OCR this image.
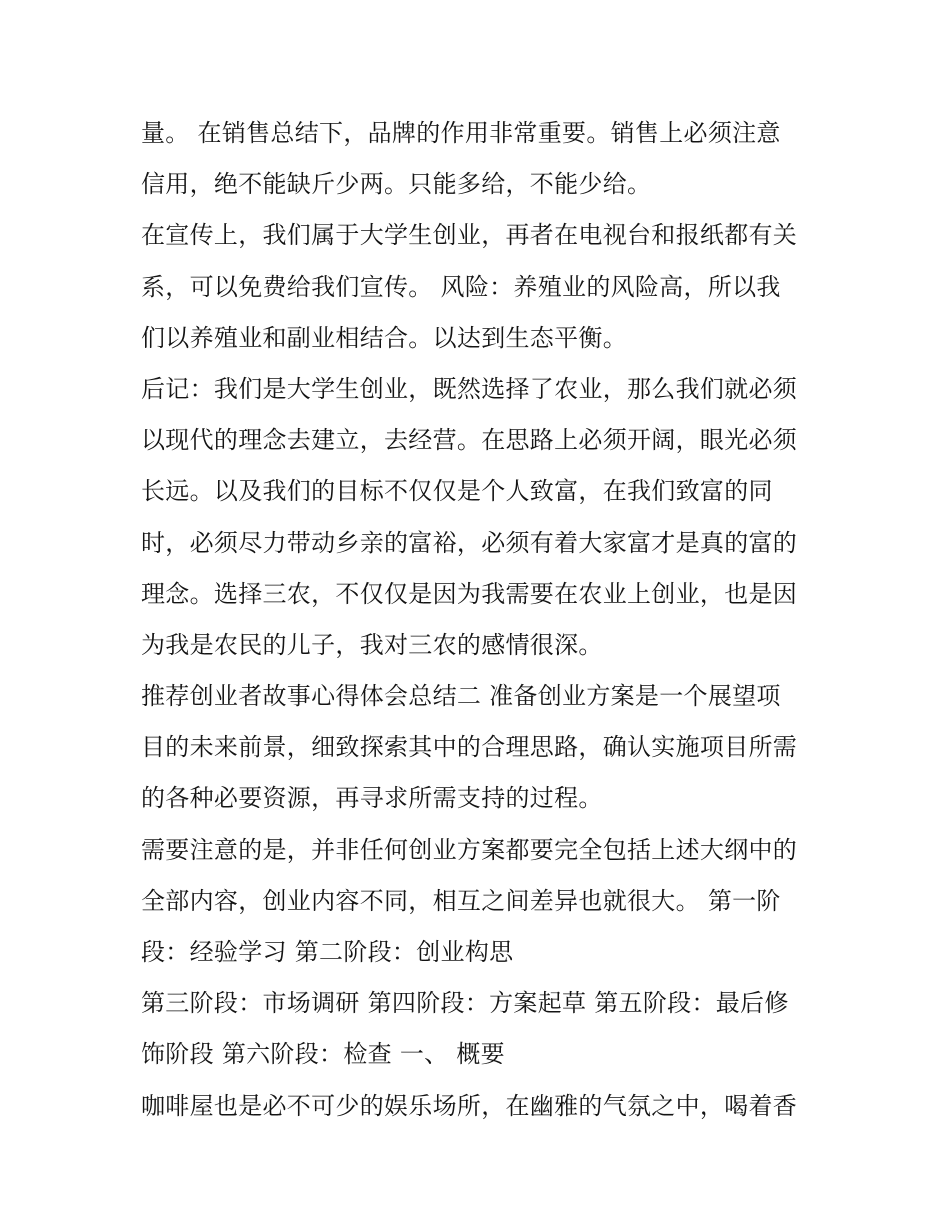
量。 在销售总结下，品牌的作用非常重要。销售上必须注意
信用，绝不能缺斤少两。只能多给，不能少给。
在宣传上，我们属于大学生创业，再者在电视台和报纸都有关
系，可以免费给我们宣传。 风险：养殖业的风险高，所以我
们以养殖业和副业相结合。以达到生态平衡。
后记：我们是大学生创业，既然选择了农业，那么我们就必须
以现代的理念去建立，去经营。在思路上必须开阔，眼光必须
长远。以及我们的目标不仅仅是个人致富，在我们致富的同
时，必须尽力带动乡亲的富裕，必须有着大家富才是真的富的
理念。选择三农，不仅仅是因为我需要在农业上创业，也是因
为我是农民的儿子，我对三农的感情很深。
推荐创业者故事心得体会总结二 准备创业方案是一个展望项
目的未来前景，细致探索其中的合理思路，确认实施项目所需
的各种必要资源，再寻求所需支持的过程。
需要注意的是，并非任何创业方案都要完全包括上述大纲中的
全部内容，创业内容不同，相互之间差异也就很大。 第一阶
段：经验学习 第二阶段：创业构思
第三阶段：市场调研 第四阶段：方案起草 第五阶段：最后修
饰阶段 第六阶段：检查 一、 概要
咖啡屋也是必不可少的娱乐场所，在幽雅的气氛之中，喝着香
